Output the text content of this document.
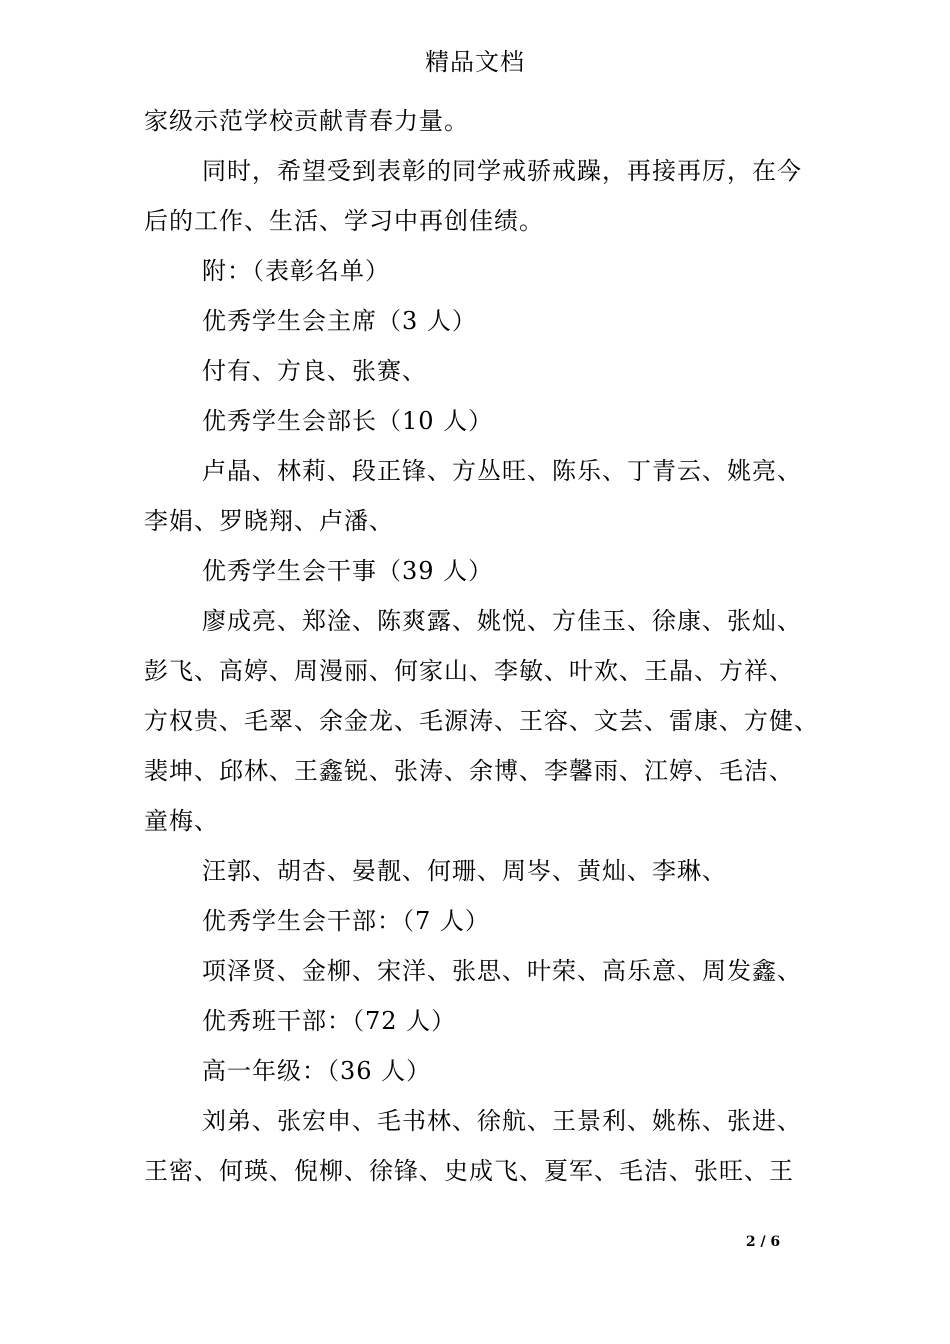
精品文档
家级示范学校贡献青春力量。
同时，希望受到表彰的同学戒骄戒躁，再接再厉，在今
后的工作、生活、学习中再创佳绩。
附：（表彰名单）
优秀学生会主席（3 人）
付有、方良、张赛、
优秀学生会部长（10 人）
卢晶、林莉、段正锋、方丛旺、陈乐、丁青云、姚亮、
李娟、罗晓翔、卢潘、
优秀学生会干事（39 人）
廖成亮、郑淦、陈爽露、姚悦、方佳玉、徐康、张灿、
彭飞、高婷、周漫丽、何家山、李敏、叶欢、王晶、方祥、
方权贵、毛翠、余金龙、毛源涛、王容、文芸、雷康、方健、
裴坤、邱林、王鑫锐、张涛、余博、李馨雨、江婷、毛洁、
童梅、
汪郭、胡杏、晏靓、何珊、周岑、黄灿、李琳、
优秀学生会干部：（7 人）
项泽贤、金柳、宋洋、张思、叶荣、高乐意、周发鑫、
优秀班干部：（72 人）
高一年级：（36 人）
刘弟、张宏申、毛书林、徐航、王景利、姚栋、张进、
王密、何瑛、倪柳、徐锋、史成飞、夏军、毛洁、张旺、王
2 / 6
